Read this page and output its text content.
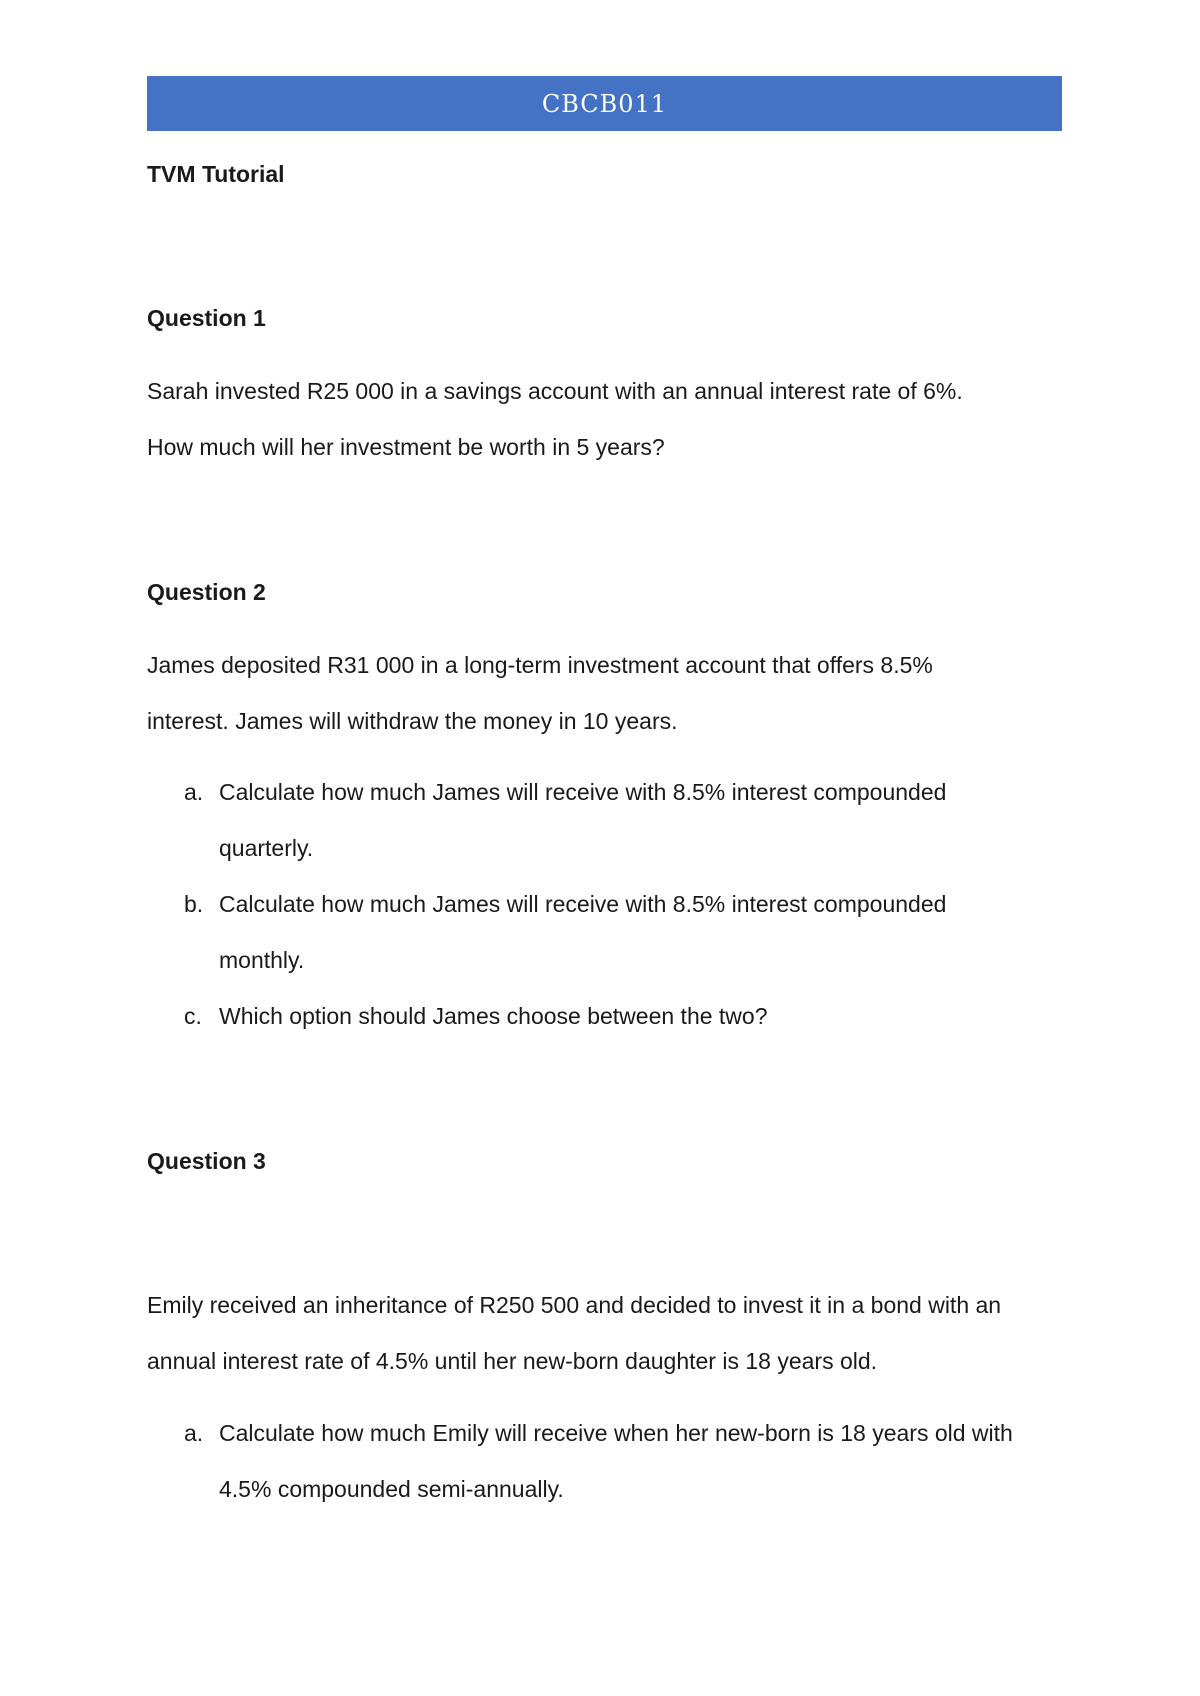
CBCB011

TVM Tutorial

Question 1

Sarah invested R25 000 in a savings account with an annual interest rate of 6%.

How much will her investment be worth in 5 years?

Question 2

James deposited R31 000 in a long-term investment account that offers 8.5%

interest. James will withdraw the money in 10 years.

a. Calculate how much James will receive with 8.5% interest compounded

quarterly.

b. Calculate how much James will receive with 8.5% interest compounded

monthly.

c. Which option should James choose between the two?

Question 3

Emily received an inheritance of R250 500 and decided to invest it in a bond with an

annual interest rate of 4.5% until her new-born daughter is 18 years old.

a. Calculate how much Emily will receive when her new-born is 18 years old with

4.5% compounded semi-annually.
